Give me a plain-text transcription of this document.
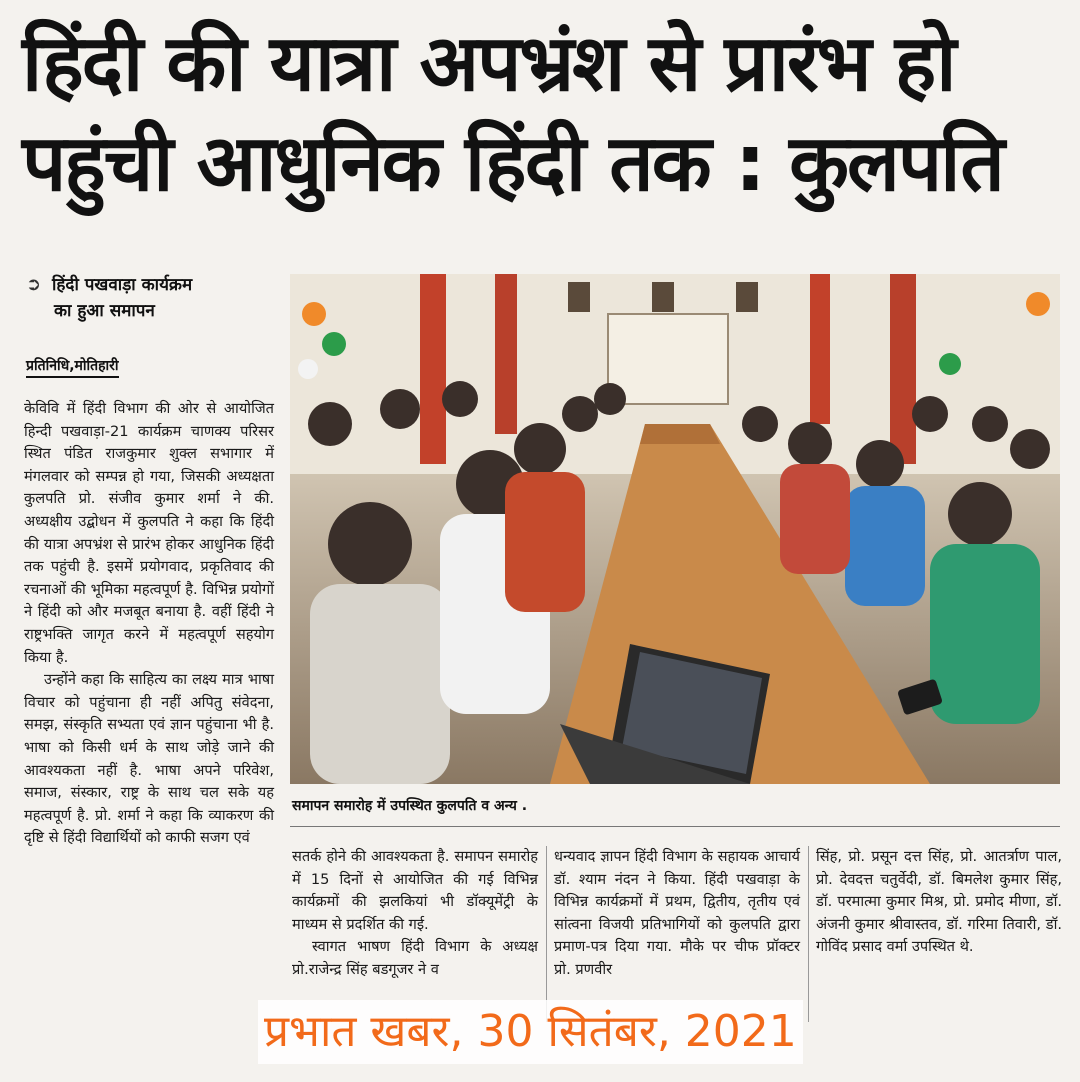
हिंदी की यात्रा अपभ्रंश से प्रारंभ हो
पहुंची आधुनिक हिंदी तक : कुलपति
➲ हिंदी पखवाड़ा कार्यक्रम
का हुआ समापन
प्रतिनिधि,मोतिहारी

केविवि में हिंदी विभाग की ओर से आयोजित हिन्दी पखवाड़ा-21 कार्यक्रम चाणक्य परिसर स्थित पंडित राजकुमार शुक्ल सभागार में मंगलवार को सम्पन्न हो गया, जिसकी अध्यक्षता कुलपति प्रो. संजीव कुमार शर्मा ने की. अध्यक्षीय उद्बोधन में कुलपति ने कहा कि हिंदी की यात्रा अपभ्रंश से प्रारंभ होकर आधुनिक हिंदी तक पहुंची है. इसमें प्रयोगवाद, प्रकृतिवाद की रचनाओं की भूमिका महत्वपूर्ण है. विभिन्न प्रयोगों ने हिंदी को और मजबूत बनाया है. वहीं हिंदी ने राष्ट्रभक्ति जागृत करने में महत्वपूर्ण सहयोग किया है.

उन्होंने कहा कि साहित्य का लक्ष्य मात्र भाषा विचार को पहुंचाना ही नहीं अपितु संवेदना, समझ, संस्कृति सभ्यता एवं ज्ञान पहुंचाना भी है. भाषा को किसी धर्म के साथ जोड़े जाने की आवश्यकता नहीं है. भाषा अपने परिवेश, समाज, संस्कार, राष्ट्र के साथ चल सके यह महत्वपूर्ण है. प्रो. शर्मा ने कहा कि व्याकरण की दृष्टि से हिंदी विद्यार्थियों को काफी सजग एवं

समापन समारोह में उपस्थित कुलपति व अन्य .

सतर्क होने की आवश्यकता है. समापन समारोह में 15 दिनों से आयोजित की गई विभिन्न कार्यक्रमों की झलकियां भी डॉक्यूमेंट्री के माध्यम से प्रदर्शित की गई.

स्वागत भाषण हिंदी विभाग के अध्यक्ष प्रो.राजेन्द्र सिंह बडगूजर ने व

धन्यवाद ज्ञापन हिंदी विभाग के सहायक आचार्य डॉ. श्याम नंदन ने किया. हिंदी पखवाड़ा के विभिन्न कार्यक्रमों में प्रथम, द्वितीय, तृतीय एवं सांत्वना विजयी प्रतिभागियों को कुलपति द्वारा प्रमाण-पत्र दिया गया. मौके पर चीफ प्रॉक्टर प्रो. प्रणवीर

सिंह, प्रो. प्रसून दत्त सिंह, प्रो. आतर्त्राण पाल, प्रो. देवदत्त चतुर्वेदी, डॉ. बिमलेश कुमार सिंह, डॉ. परमात्मा कुमार मिश्र, प्रो. प्रमोद मीणा, डॉ. अंजनी कुमार श्रीवास्तव, डॉ. गरिमा तिवारी, डॉ. गोविंद प्रसाद वर्मा उपस्थित थे.

प्रभात खबर, 30 सितंबर, 2021
